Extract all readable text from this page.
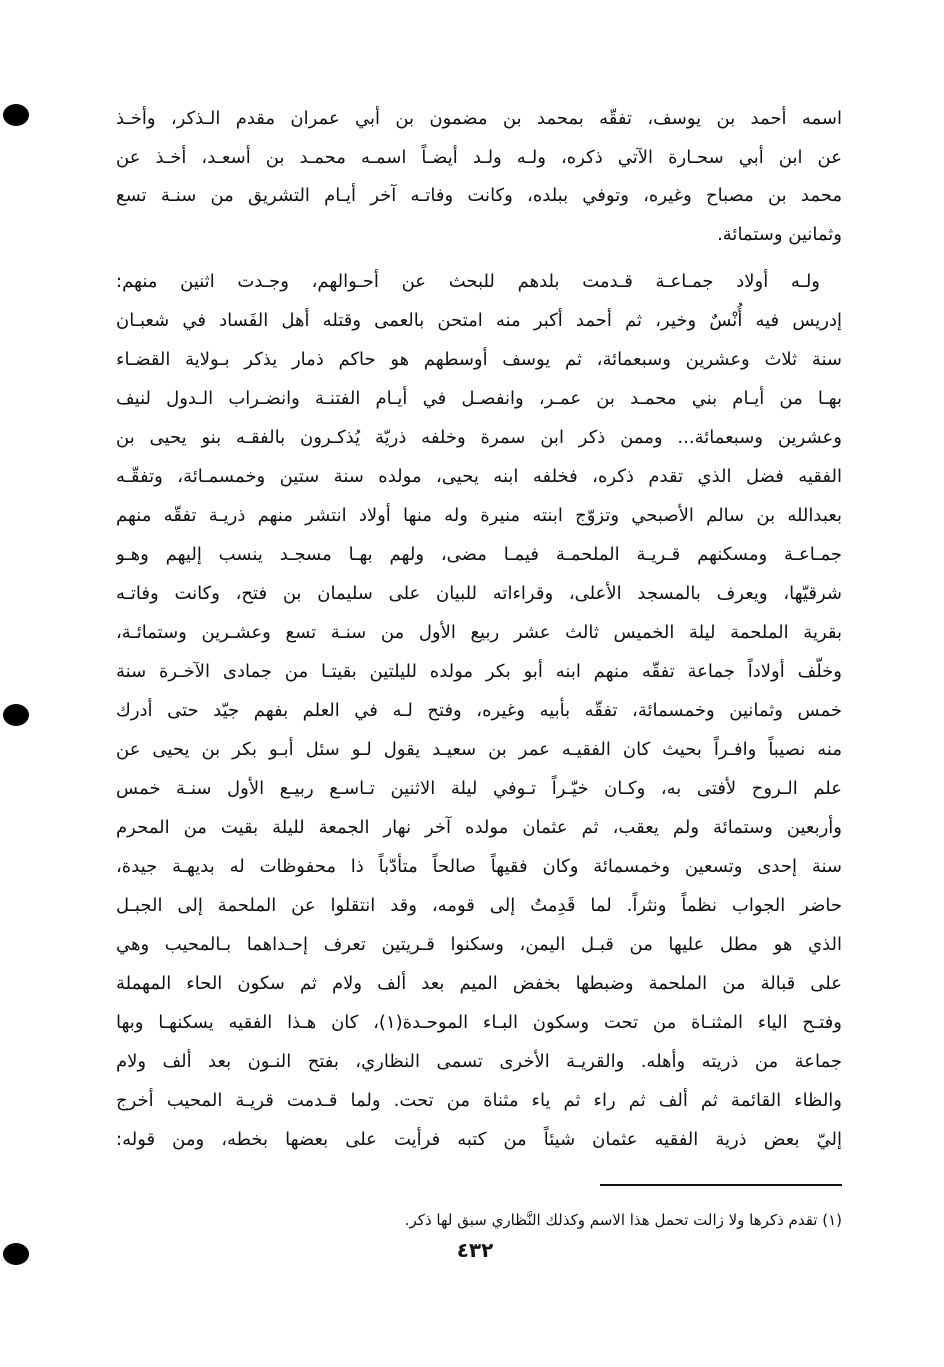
اسمه أحمد بن يوسف، تفقّه بمحمد بن مضمون بن أبي عمران مقدم الـذكر، وأخـذ
عن ابن أبي سحـارة الآتي ذكره، ولـه ولـد أيضـاً اسمـه محمـد بن أسعـد، أخـذ عن
محمد بن مصباح وغيره، وتوفي ببلده، وكانت وفاتـه آخر أيـام التشريق من سنـة تسع
وثمانين وستمائة.
ولـه أولاد جمـاعـة قـدمت بلدهم للبحث عن أحـوالهم، وجـدت اثنين منهم:
إدريس فيه أُنْسٌ وخير، ثم أحمد أكبر منه امتحن بالعمى وقتله أهل الفَساد في شعبـان
سنة ثلاث وعشرين وسبعمائة، ثم يوسف أوسطهم هو حاكم ذمار يذكر بـولاية القضـاء
بهـا من أيـام بني محمـد بن عمـر، وانفصـل في أيـام الفتنـة وانضـراب الـدول لنيف
وعشرين وسبعمائة... وممن ذكر ابن سمرة وخلفه ذريّة يُذكـرون بالفقـه بنو يحيى بن
الفقيه فضل الذي تقدم ذكره، فخلفه ابنه يحيى، مولده سنة ستين وخمسمـائة، وتفقّـه
بعبدالله بن سالم الأصبحي وتزوّج ابنته منيرة وله منها أولاد انتشر منهم ذريـة تفقّه منهم
جمـاعـة ومسكنهم قـريـة الملحمـة فيمـا مضى، ولهم بهـا مسجـد ينسب إليهم وهـو
شرقيّها، ويعرف بالمسجد الأعلى، وقراءاته للبيان على سليمان بن فتح، وكانت وفاتـه
بقرية الملحمة ليلة الخميس ثالث عشر ربيع الأول من سنـة تسع وعشـرين وستمائـة،
وخلّف أولاداً جماعة تفقّه منهم ابنه أبو بكر مولده لليلتين بقيتـا من جمادى الآخـرة سنة
خمس وثمانين وخمسمائة، تفقّه بأبيه وغيره، وفتح لـه في العلم بفهم جيّد حتى أدرك
منه نصيباً وافـراً بحيث كان الفقيـه عمر بن سعيـد يقول لـو سئل أبـو بكر بن يحيى عن
علم الـروح لأفتى به، وكـان خيّـراً تـوفي ليلة الاثنين تـاسـع ربيـع الأول سنـة خمس
وأربعين وستمائة ولم يعقب، ثم عثمان مولده آخر نهار الجمعة لليلة بقيت من المحرم
سنة إحدى وتسعين وخمسمائة وكان فقيهاً صالحاً متأدّباً ذا محفوظات له بديهـة جيدة،
حاضر الجواب نظماً ونثراً. لما قَدِمتُ إلى قومه، وقد انتقلوا عن الملحمة إلى الجبـل
الذي هو مطل عليها من قبـل اليمن، وسكنوا قـريتين تعرف إحـداهما بـالمحيب وهي
على قبالة من الملحمة وضبطها بخفض الميم بعد ألف ولام ثم سكون الحاء المهملة
وفتـح الياء المثنـاة من تحت وسكون البـاء الموحـدة(١)، كان هـذا الفقيه يسكنهـا وبها
جماعة من ذريته وأهله. والقريـة الأخرى تسمى النظاري، بفتح النـون بعد ألف ولام
والظاء القائمة ثم ألف ثم راء ثم ياء مثناة من تحت. ولما قـدمت قريـة المحيب أخرج
إليّ بعض ذرية الفقيه عثمان شيئاً من كتبه فرأيت على بعضها بخطه، ومن قوله:
(١) تقدم ذكرها ولا زالت تحمل هذا الاسم وكذلك النَّظاري سبق لها ذكر.
٤٣٢
